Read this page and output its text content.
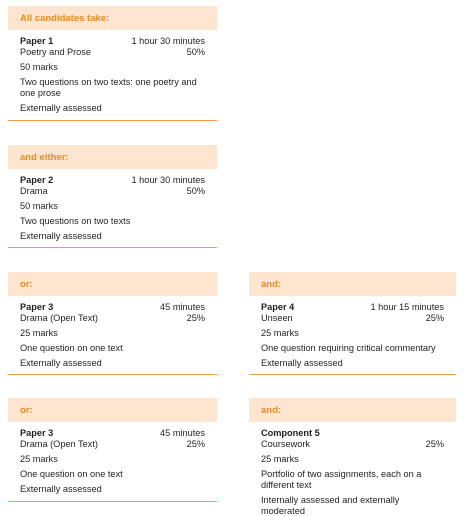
All candidates take:
Paper 1
Poetry and Prose
1 hour 30 minutes
50%
50 marks
Two questions on two texts: one poetry and one prose
Externally assessed
and either:
Paper 2
Drama
1 hour 30 minutes
50%
50 marks
Two questions on two texts
Externally assessed
or:
Paper 3
Drama (Open Text)
45 minutes
25%
25 marks
One question on one text
Externally assessed
and:
Paper 4
Unseen
1 hour 15 minutes
25%
25 marks
One question requiring critical commentary
Externally assessed
or:
Paper 3
Drama (Open Text)
45 minutes
25%
25 marks
One question on one text
Externally assessed
and:
Component 5
Coursework	25%
25 marks
Portfolio of two assignments, each on a different text
Internally assessed and externally moderated
